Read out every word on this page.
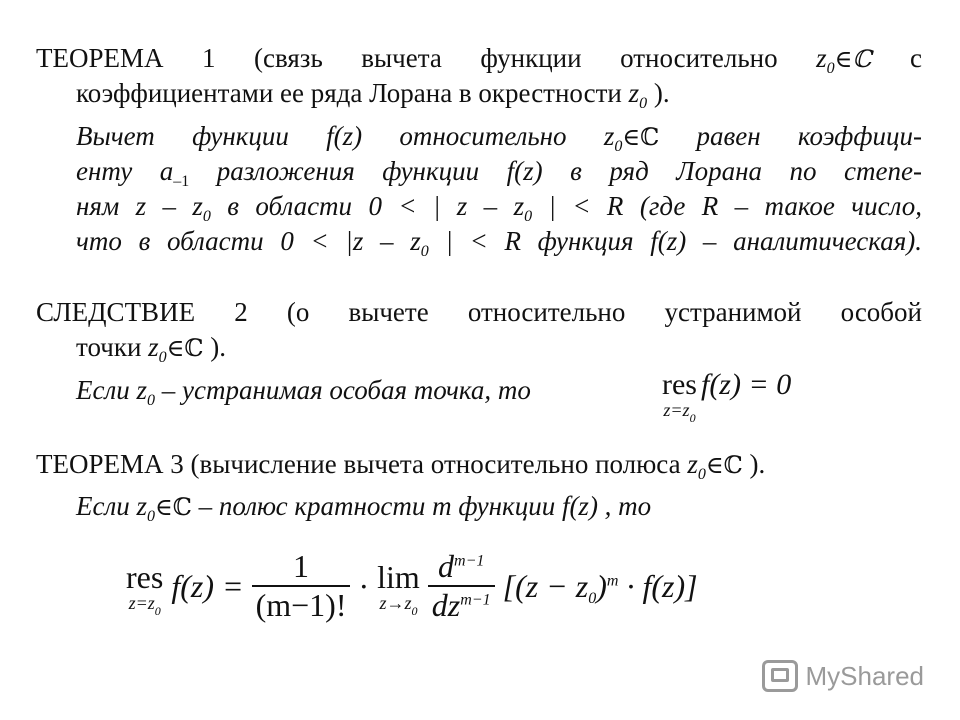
ТЕОРЕМА 1 (связь вычета функции относительно $z_0\in ℂ$ с
коэффициентами ее ряда Лорана в окрестности $z_0$ ).
Вычет функции f(z) относительно $z_0\in ℂ$ равен коэффици-
енту $а_{-1}$ разложения функции f(z) в ряд Лорана по степе-
ням z – $z_0$ в области 0 < | z – $z_0$ | < R (где R – такое число,
что в области $0 < |z - z_0$ | < R функция f(z) – аналитическая).
СЛЕДСТВИЕ 2 (о вычете относительно устранимой особой
точки $z_0\in ℂ$ ).
Если $z_0$ – устранимая особая точка, то	res
$z=z_0$
f(z) = 0
ТЕОРЕМА 3 (вычисление вычета относительно полюса $z_0\in ℂ$ ).
Если $z_0\in ℂ$ – полюс кратности m функции f(z) , то
res
$z=z_0$
$f(z) = \frac{1}{(m-1)!} \cdot \lim$
$z\to z_0 \frac{d^{m-1}}{dz^{m-1}} [(z - z_0)^m \cdot f(z)]$
MyShared
